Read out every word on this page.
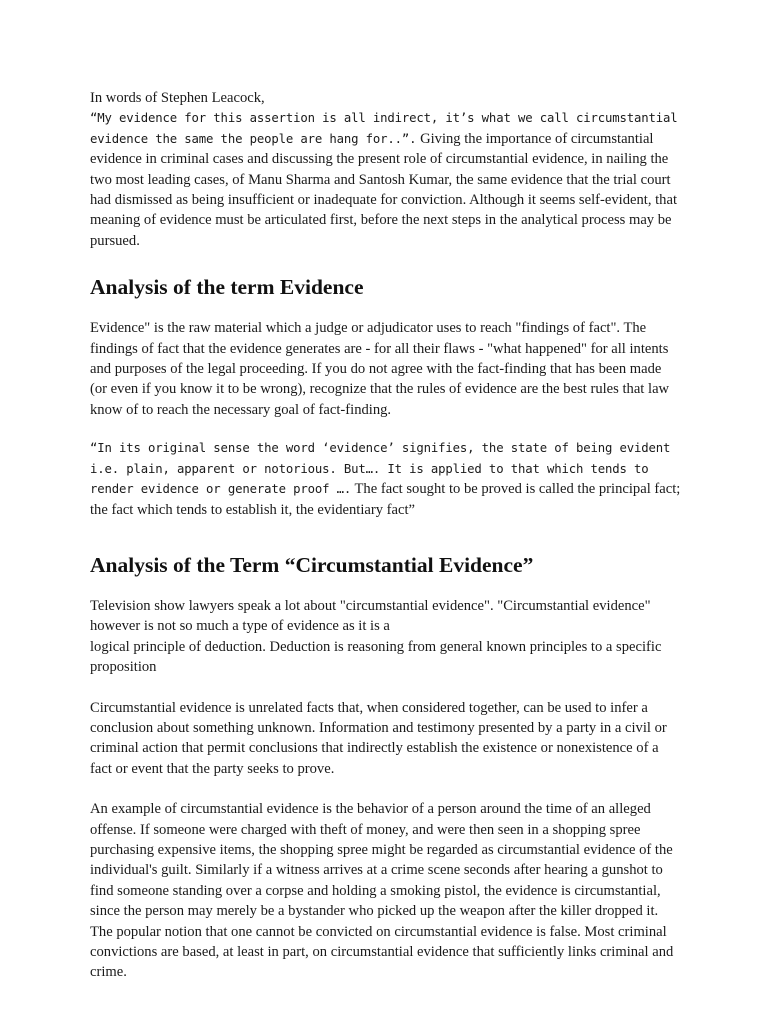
In words of Stephen Leacock,
“My evidence for this assertion is all indirect, it’s what we call circumstantial evidence the same the people are hang for..”. Giving the importance of circumstantial evidence in criminal cases and discussing the present role of circumstantial evidence, in nailing the two most leading cases, of Manu Sharma and Santosh Kumar, the same evidence that the trial court had dismissed as being insufficient or inadequate for conviction. Although it seems self-evident, that meaning of evidence must be articulated first, before the next steps in the analytical process may be pursued.

Analysis of the term Evidence

Evidence" is the raw material which a judge or adjudicator uses to reach "findings of fact". The findings of fact that the evidence generates are - for all their flaws - "what happened" for all intents and purposes of the legal proceeding. If you do not agree with the fact-finding that has been made (or even if you know it to be wrong), recognize that the rules of evidence are the best rules that law know of to reach the necessary goal of fact-finding.

“In its original sense the word ‘evidence’ signifies, the state of being evident i.e. plain, apparent or notorious. But…. It is applied to that which tends to render evidence or generate proof …. The fact sought to be proved is called the principal fact; the fact which tends to establish it, the evidentiary fact”

Analysis of the Term “Circumstantial Evidence”

Television show lawyers speak a lot about "circumstantial evidence". "Circumstantial evidence" however is not so much a type of evidence as it is a
logical principle of deduction. Deduction is reasoning from general known principles to a specific proposition

Circumstantial evidence is unrelated facts that, when considered together, can be used to infer a conclusion about something unknown. Information and testimony presented by a party in a civil or criminal action that permit conclusions that indirectly establish the existence or nonexistence of a fact or event that the party seeks to prove.

An example of circumstantial evidence is the behavior of a person around the time of an alleged offense. If someone were charged with theft of money, and were then seen in a shopping spree purchasing expensive items, the shopping spree might be regarded as circumstantial evidence of the individual's guilt. Similarly if a witness arrives at a crime scene seconds after hearing a gunshot to find someone standing over a corpse and holding a smoking pistol, the evidence is circumstantial, since the person may merely be a bystander who picked up the weapon after the killer dropped it. The popular notion that one cannot be convicted on circumstantial evidence is false. Most criminal convictions are based, at least in part, on circumstantial evidence that sufficiently links criminal and crime.
